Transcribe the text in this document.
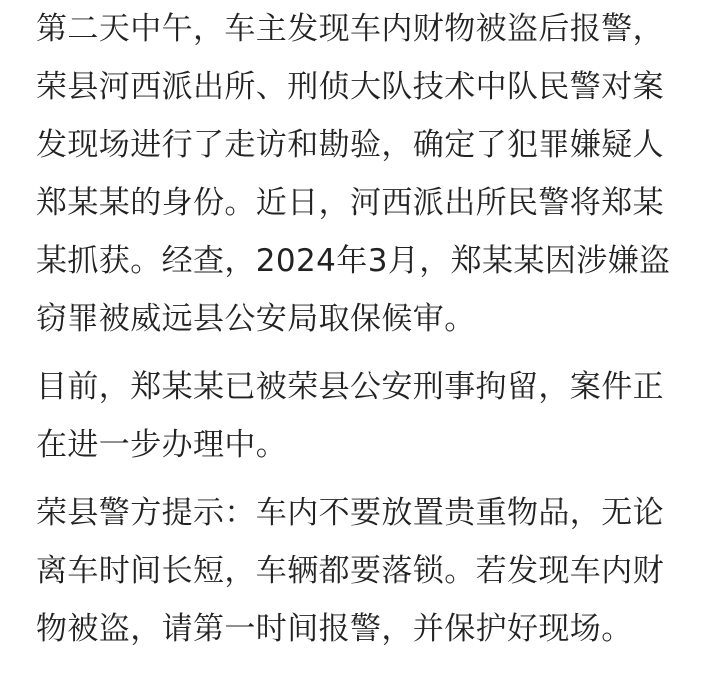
第二天中午，车主发现车内财物被盗后报警，
荣县河西派出所、刑侦大队技术中队民警对案
发现场进行了走访和勘验，确定了犯罪嫌疑人
郑某某的身份。近日，河西派出所民警将郑某
某抓获。经查，2024年3月，郑某某因涉嫌盗
窃罪被威远县公安局取保候审。
目前，郑某某已被荣县公安刑事拘留，案件正
在进一步办理中。
荣县警方提示：车内不要放置贵重物品，无论
离车时间长短，车辆都要落锁。若发现车内财
物被盗，请第一时间报警，并保护好现场。
